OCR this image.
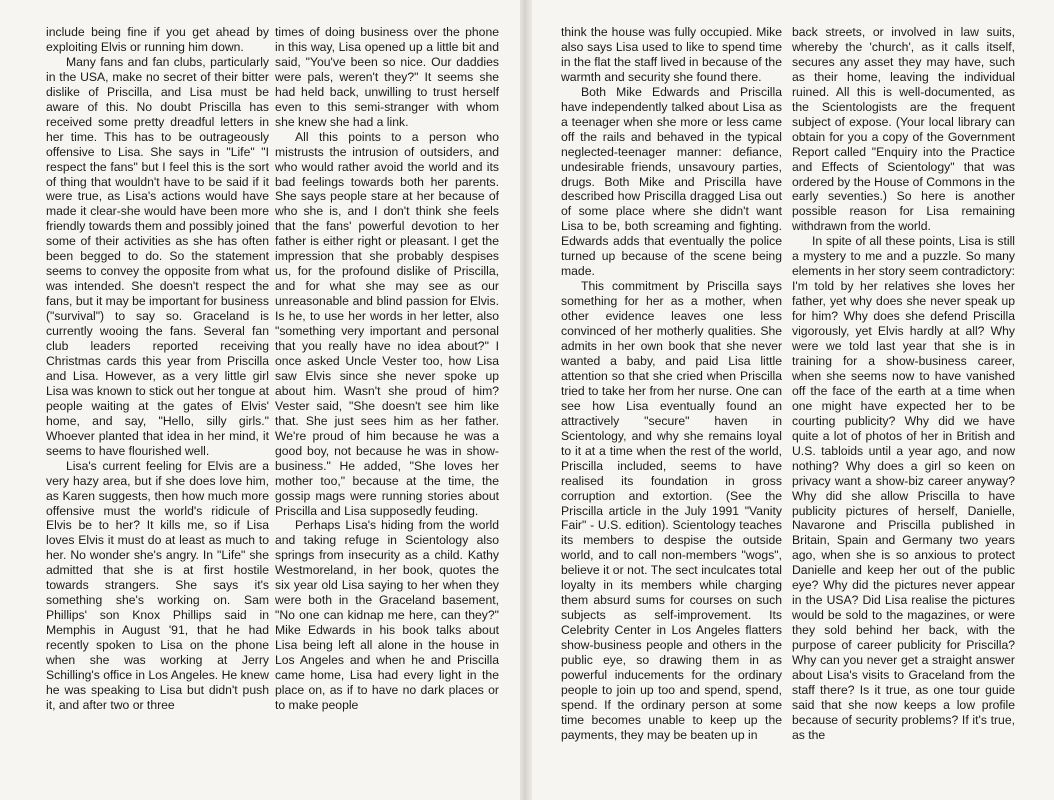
include being fine if you get ahead by exploiting Elvis or running him down.

Many fans and fan clubs, particularly in the USA, make no secret of their bitter dislike of Priscilla, and Lisa must be aware of this. No doubt Priscilla has received some pretty dreadful letters in her time. This has to be outrageously offensive to Lisa. She says in "Life" "I respect the fans" but I feel this is the sort of thing that wouldn't have to be said if it were true, as Lisa's actions would have made it clear-she would have been more friendly towards them and possibly joined some of their activities as she has often been begged to do. So the statement seems to convey the opposite from what was intended. She doesn't respect the fans, but it may be important for business ("survival") to say so. Graceland is currently wooing the fans. Several fan club leaders reported receiving Christmas cards this year from Priscilla and Lisa. However, as a very little girl Lisa was known to stick out her tongue at people waiting at the gates of Elvis' home, and say, "Hello, silly girls." Whoever planted that idea in her mind, it seems to have flourished well.

Lisa's current feeling for Elvis are a very hazy area, but if she does love him, as Karen suggests, then how much more offensive must the world's ridicule of Elvis be to her? It kills me, so if Lisa loves Elvis it must do at least as much to her. No wonder she's angry. In "Life" she admitted that she is at first hostile towards strangers. She says it's something she's working on. Sam Phillips' son Knox Phillips said in Memphis in August '91, that he had recently spoken to Lisa on the phone when she was working at Jerry Schilling's office in Los Angeles. He knew he was speaking to Lisa but didn't push it, and after two or three

times of doing business over the phone in this way, Lisa opened up a little bit and said, "You've been so nice. Our daddies were pals, weren't they?" It seems she had held back, unwilling to trust herself even to this semi-stranger with whom she knew she had a link.

All this points to a person who mistrusts the intrusion of outsiders, and who would rather avoid the world and its bad feelings towards both her parents. She says people stare at her because of who she is, and I don't think she feels that the fans' powerful devotion to her father is either right or pleasant. I get the impression that she probably despises us, for the profound dislike of Priscilla, and for what she may see as our unreasonable and blind passion for Elvis. Is he, to use her words in her letter, also "something very important and personal that you really have no idea about?" I once asked Uncle Vester too, how Lisa saw Elvis since she never spoke up about him. Wasn't she proud of him? Vester said, "She doesn't see him like that. She just sees him as her father. We're proud of him because he was a good boy, not because he was in show-business." He added, "She loves her mother too," because at the time, the gossip mags were running stories about Priscilla and Lisa supposedly feuding.

Perhaps Lisa's hiding from the world and taking refuge in Scientology also springs from insecurity as a child. Kathy Westmoreland, in her book, quotes the six year old Lisa saying to her when they were both in the Graceland basement, "No one can kidnap me here, can they?" Mike Edwards in his book talks about Lisa being left all alone in the house in Los Angeles and when he and Priscilla came home, Lisa had every light in the place on, as if to have no dark places or to make people

think the house was fully occupied. Mike also says Lisa used to like to spend time in the flat the staff lived in because of the warmth and security she found there.

Both Mike Edwards and Priscilla have independently talked about Lisa as a teenager when she more or less came off the rails and behaved in the typical neglected-teenager manner: defiance, undesirable friends, unsavoury parties, drugs. Both Mike and Priscilla have described how Priscilla dragged Lisa out of some place where she didn't want Lisa to be, both screaming and fighting. Edwards adds that eventually the police turned up because of the scene being made.

This commitment by Priscilla says something for her as a mother, when other evidence leaves one less convinced of her motherly qualities. She admits in her own book that she never wanted a baby, and paid Lisa little attention so that she cried when Priscilla tried to take her from her nurse. One can see how Lisa eventually found an attractively "secure" haven in Scientology, and why she remains loyal to it at a time when the rest of the world, Priscilla included, seems to have realised its foundation in gross corruption and extortion. (See the Priscilla article in the July 1991 "Vanity Fair" - U.S. edition). Scientology teaches its members to despise the outside world, and to call non-members "wogs", believe it or not. The sect inculcates total loyalty in its members while charging them absurd sums for courses on such subjects as self-improvement. Its Celebrity Center in Los Angeles flatters show-business people and others in the public eye, so drawing them in as powerful inducements for the ordinary people to join up too and spend, spend, spend. If the ordinary person at some time becomes unable to keep up the payments, they may be beaten up in

back streets, or involved in law suits, whereby the 'church', as it calls itself, secures any asset they may have, such as their home, leaving the individual ruined. All this is well-documented, as the Scientologists are the frequent subject of expose. (Your local library can obtain for you a copy of the Government Report called "Enquiry into the Practice and Effects of Scientology" that was ordered by the House of Commons in the early seventies.) So here is another possible reason for Lisa remaining withdrawn from the world.

In spite of all these points, Lisa is still a mystery to me and a puzzle. So many elements in her story seem contradictory: I'm told by her relatives she loves her father, yet why does she never speak up for him? Why does she defend Priscilla vigorously, yet Elvis hardly at all? Why were we told last year that she is in training for a show-business career, when she seems now to have vanished off the face of the earth at a time when one might have expected her to be courting publicity? Why did we have quite a lot of photos of her in British and U.S. tabloids until a year ago, and now nothing? Why does a girl so keen on privacy want a show-biz career anyway? Why did she allow Priscilla to have publicity pictures of herself, Danielle, Navarone and Priscilla published in Britain, Spain and Germany two years ago, when she is so anxious to protect Danielle and keep her out of the public eye? Why did the pictures never appear in the USA? Did Lisa realise the pictures would be sold to the magazines, or were they sold behind her back, with the purpose of career publicity for Priscilla? Why can you never get a straight answer about Lisa's visits to Graceland from the staff there? Is it true, as one tour guide said that she now keeps a low profile because of security problems? If it's true, as the
